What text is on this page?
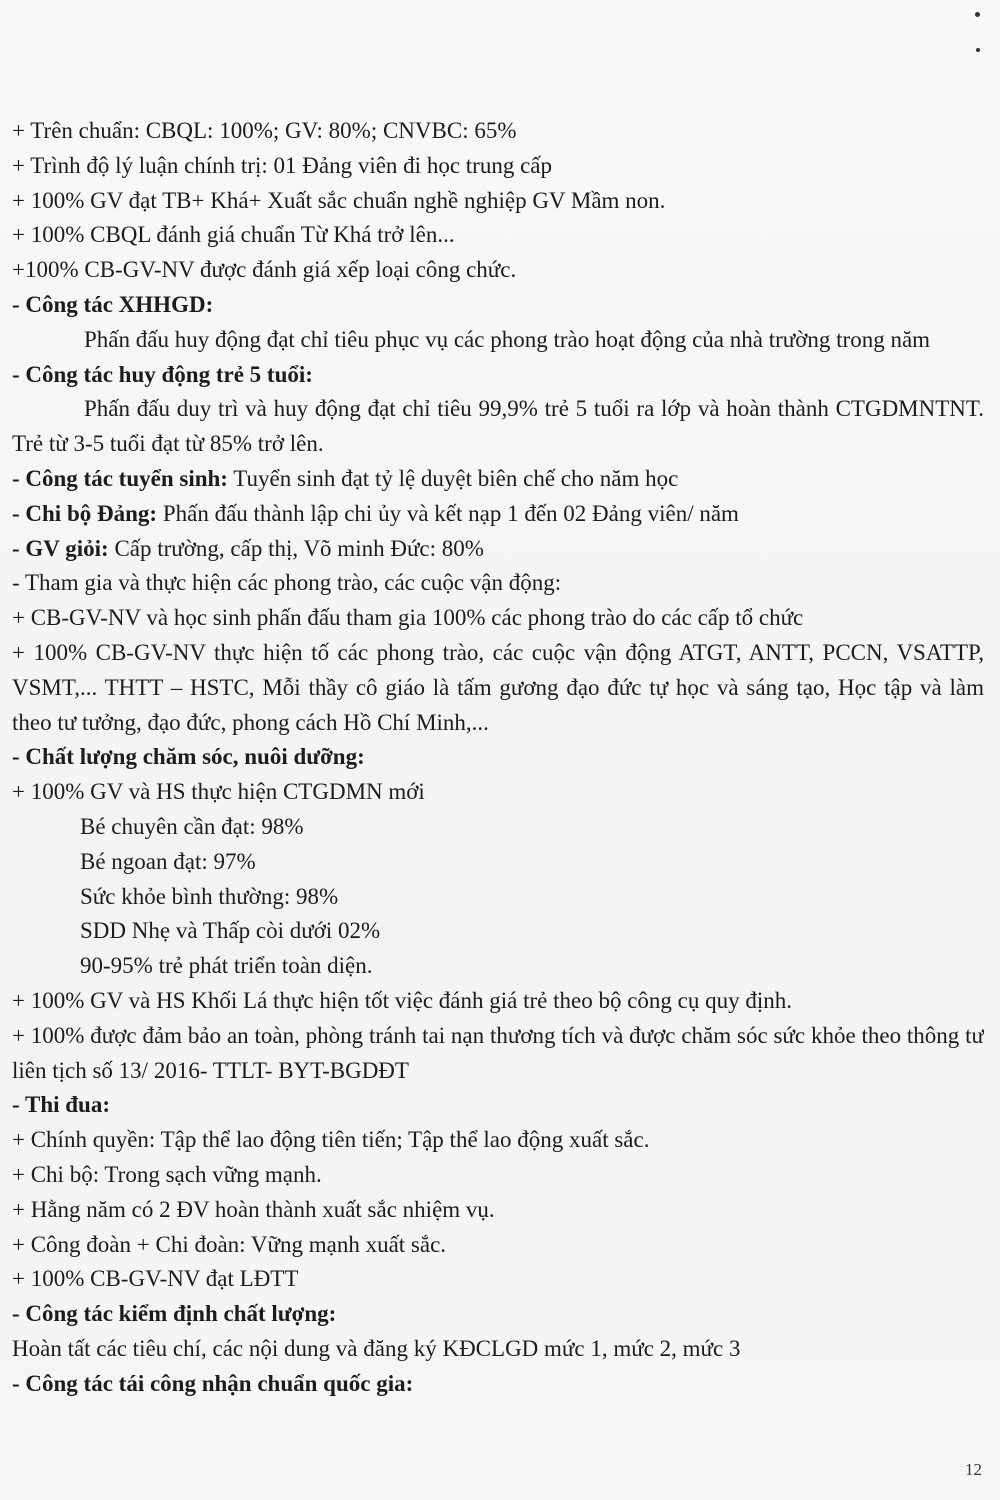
+ Trên chuẩn: CBQL: 100%; GV: 80%; CNVBC: 65%
+ Trình độ lý luận chính trị: 01 Đảng viên đi học trung cấp
+ 100% GV đạt TB+ Khá+ Xuất sắc chuẩn nghề nghiệp GV Mầm non.
+ 100% CBQL đánh giá chuẩn Từ Khá trở lên...
+100% CB-GV-NV được đánh giá xếp loại công chức.
- Công tác XHHGD:
Phấn đấu huy động đạt chỉ tiêu phục vụ các phong trào hoạt động của nhà trường trong năm
- Công tác huy động trẻ 5 tuổi:
Phấn đấu duy trì và huy động đạt chỉ tiêu 99,9% trẻ 5 tuổi ra lớp và hoàn thành CTGDMNTNT. Trẻ từ 3-5 tuổi đạt từ 85% trở lên.
- Công tác tuyển sinh: Tuyển sinh đạt tỷ lệ duyệt biên chế cho năm học
- Chi bộ Đảng: Phấn đấu thành lập chi ủy và kết nạp 1 đến 02 Đảng viên/ năm
- GV giỏi: Cấp trường, cấp thị, Võ minh Đức: 80%
- Tham gia và thực hiện các phong trào, các cuộc vận động:
+ CB-GV-NV và học sinh phấn đấu tham gia 100% các phong trào do các cấp tổ chức
+ 100% CB-GV-NV thực hiện tố các phong trào, các cuộc vận động ATGT, ANTT, PCCN, VSATTP, VSMT,... THTT – HSTC, Mỗi thầy cô giáo là tấm gương đạo đức tự học và sáng tạo, Học tập và làm theo tư tưởng, đạo đức, phong cách Hồ Chí Minh,...
- Chất lượng chăm sóc, nuôi dưỡng:
+ 100% GV và HS thực hiện CTGDMN mới
Bé chuyên cần đạt: 98%
Bé ngoan đạt: 97%
Sức khỏe bình thường: 98%
SDD Nhẹ và Thấp còi dưới 02%
90-95% trẻ phát triển toàn diện.
+ 100% GV và HS Khối Lá thực hiện tốt việc đánh giá trẻ theo bộ công cụ quy định.
+ 100% được đảm bảo an toàn, phòng tránh tai nạn thương tích và được chăm sóc sức khỏe theo thông tư liên tịch số 13/ 2016- TTLT- BYT-BGDĐT
- Thi đua:
+ Chính quyền: Tập thể lao động tiên tiến; Tập thể lao động xuất sắc.
+ Chi bộ: Trong sạch vững mạnh.
+ Hằng năm có 2 ĐV hoàn thành xuất sắc nhiệm vụ.
+ Công đoàn + Chi đoàn: Vững mạnh xuất sắc.
+ 100% CB-GV-NV đạt LĐTT
- Công tác kiểm định chất lượng:
Hoàn tất các tiêu chí, các nội dung và đăng ký KĐCLGD mức 1, mức 2, mức 3
- Công tác tái công nhận chuẩn quốc gia:
12
